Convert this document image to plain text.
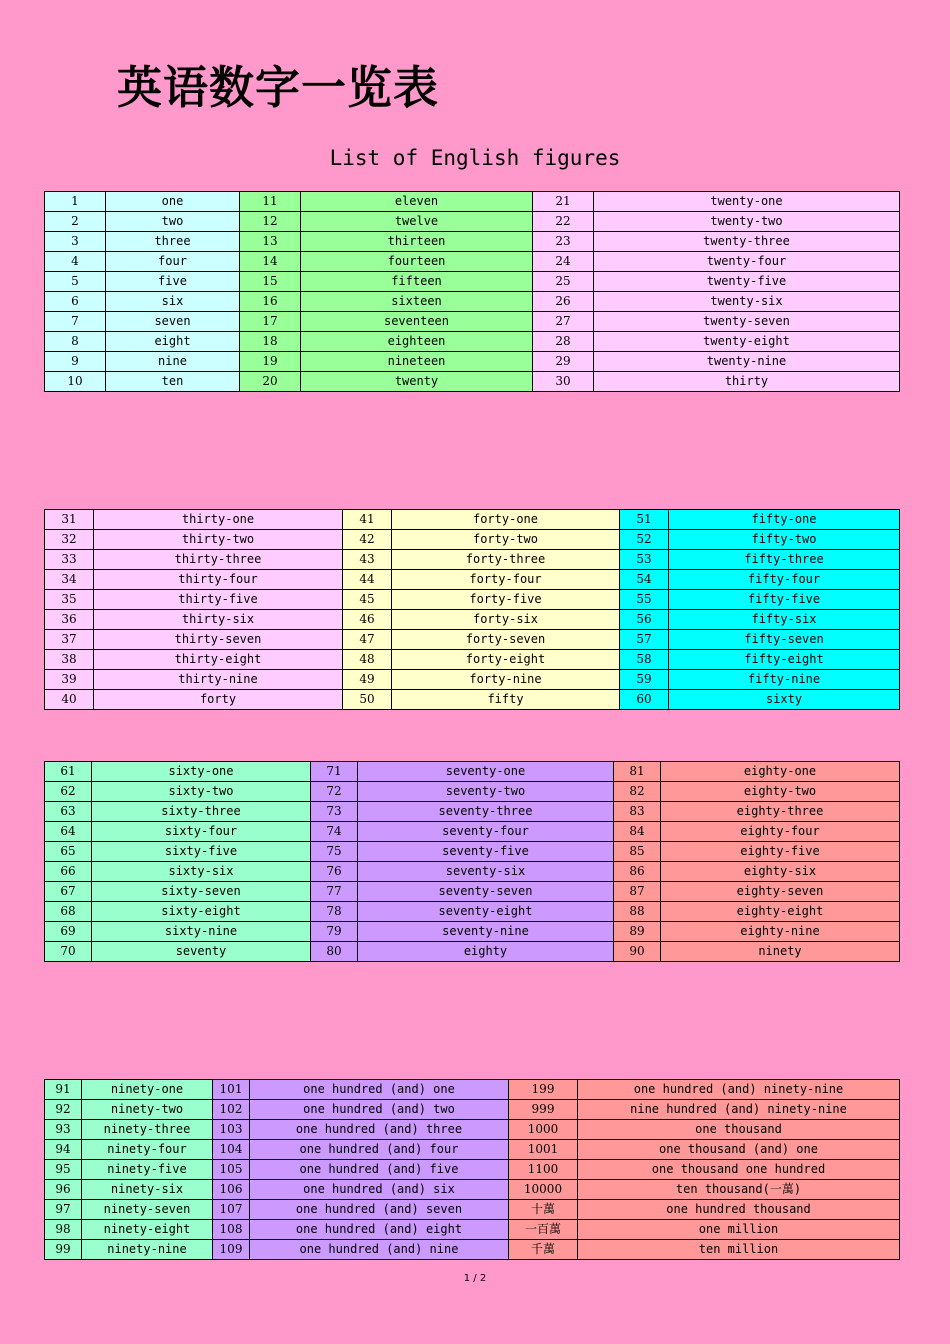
英语数字一览表
List of English figures
1	one	11	eleven	21	twenty-one
2	two	12	twelve	22	twenty-two
3	three	13	thirteen	23	twenty-three
4	four	14	fourteen	24	twenty-four
5	five	15	fifteen	25	twenty-five
6	six	16	sixteen	26	twenty-six
7	seven	17	seventeen	27	twenty-seven
8	eight	18	eighteen	28	twenty-eight
9	nine	19	nineteen	29	twenty-nine
10	ten	20	twenty	30	thirty
31	thirty-one	41	forty-one	51	fifty-one
32	thirty-two	42	forty-two	52	fifty-two
33	thirty-three	43	forty-three	53	fifty-three
34	thirty-four	44	forty-four	54	fifty-four
35	thirty-five	45	forty-five	55	fifty-five
36	thirty-six	46	forty-six	56	fifty-six
37	thirty-seven	47	forty-seven	57	fifty-seven
38	thirty-eight	48	forty-eight	58	fifty-eight
39	thirty-nine	49	forty-nine	59	fifty-nine
40	forty	50	fifty	60	sixty
61	sixty-one	71	seventy-one	81	eighty-one
62	sixty-two	72	seventy-two	82	eighty-two
63	sixty-three	73	seventy-three	83	eighty-three
64	sixty-four	74	seventy-four	84	eighty-four
65	sixty-five	75	seventy-five	85	eighty-five
66	sixty-six	76	seventy-six	86	eighty-six
67	sixty-seven	77	seventy-seven	87	eighty-seven
68	sixty-eight	78	seventy-eight	88	eighty-eight
69	sixty-nine	79	seventy-nine	89	eighty-nine
70	seventy	80	eighty	90	ninety
91	ninety-one	101	one hundred (and) one	199	one hundred (and) ninety-nine
92	ninety-two	102	one hundred (and) two	999	nine hundred (and) ninety-nine
93	ninety-three	103	one hundred (and) three	1000	one thousand
94	ninety-four	104	one hundred (and) four	1001	one thousand (and) one
95	ninety-five	105	one hundred (and) five	1100	one thousand one hundred
96	ninety-six	106	one hundred (and) six	10000	ten thousand(一萬)
97	ninety-seven	107	one hundred (and) seven	十萬	one hundred thousand
98	ninety-eight	108	one hundred (and) eight	一百萬	one million
99	ninety-nine	109	one hundred (and) nine	千萬	ten million
1 / 2
